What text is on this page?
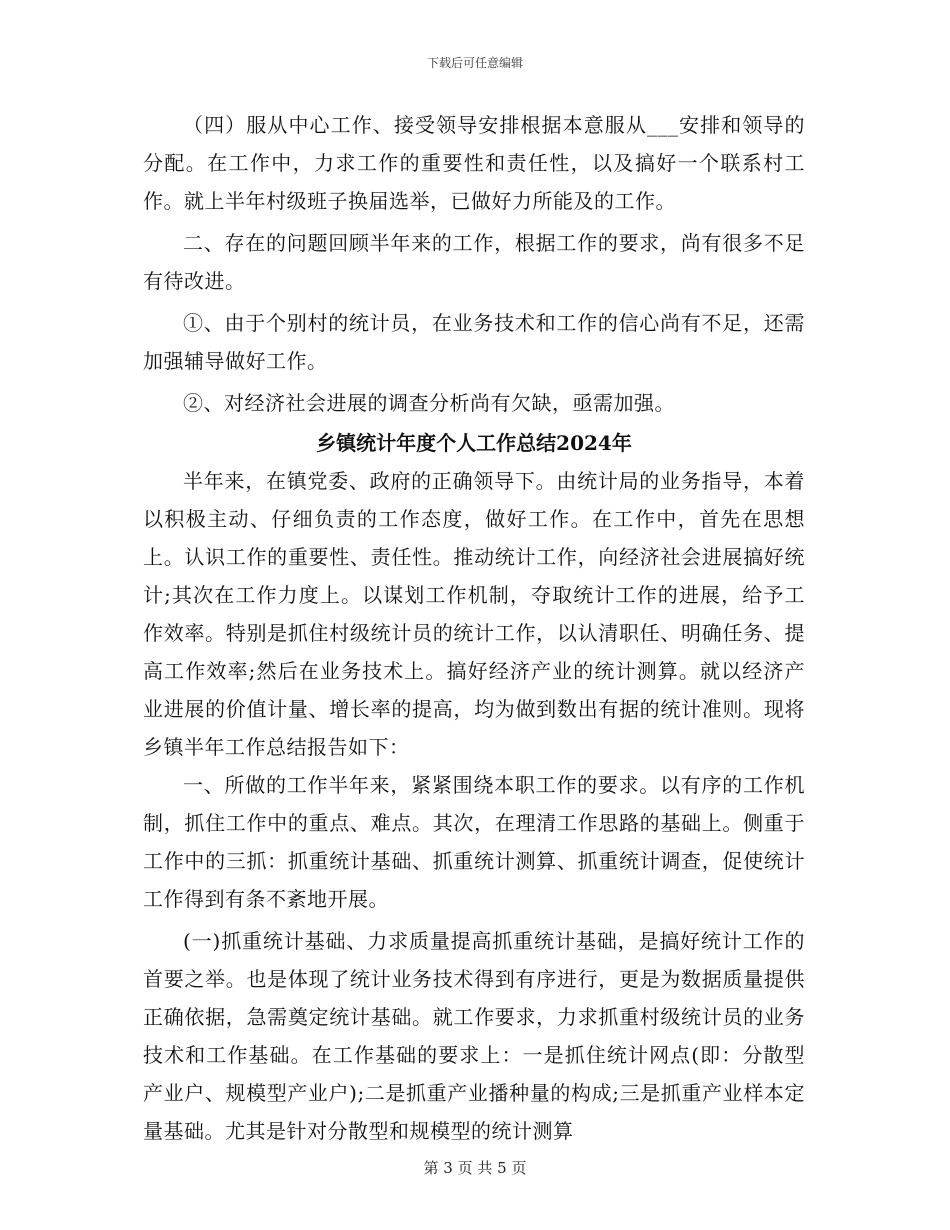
下载后可任意编辑

（四）服从中心工作、接受领导安排根据本意服从___安排和领导的分配。在工作中，力求工作的重要性和责任性，以及搞好一个联系村工作。就上半年村级班子换届选举，已做好力所能及的工作。

二、存在的问题回顾半年来的工作，根据工作的要求，尚有很多不足有待改进。

①、由于个别村的统计员，在业务技术和工作的信心尚有不足，还需加强辅导做好工作。

②、对经济社会进展的调查分析尚有欠缺，亟需加强。

乡镇统计年度个人工作总结2024年

半年来，在镇党委、政府的正确领导下。由统计局的业务指导，本着以积极主动、仔细负责的工作态度，做好工作。在工作中，首先在思想上。认识工作的重要性、责任性。推动统计工作，向经济社会进展搞好统计;其次在工作力度上。以谋划工作机制，夺取统计工作的进展，给予工作效率。特别是抓住村级统计员的统计工作，以认清职任、明确任务、提高工作效率;然后在业务技术上。搞好经济产业的统计测算。就以经济产业进展的价值计量、增长率的提高，均为做到数出有据的统计准则。现将乡镇半年工作总结报告如下：

一、所做的工作半年来，紧紧围绕本职工作的要求。以有序的工作机制，抓住工作中的重点、难点。其次，在理清工作思路的基础上。侧重于工作中的三抓：抓重统计基础、抓重统计测算、抓重统计调查，促使统计工作得到有条不紊地开展。

(一)抓重统计基础、力求质量提高抓重统计基础，是搞好统计工作的首要之举。也是体现了统计业务技术得到有序进行，更是为数据质量提供正确依据，急需奠定统计基础。就工作要求，力求抓重村级统计员的业务技术和工作基础。在工作基础的要求上：一是抓住统计网点(即：分散型产业户、规模型产业户);二是抓重产业播种量的构成;三是抓重产业样本定量基础。尤其是针对分散型和规模型的统计测算

第 3 页 共 5 页
